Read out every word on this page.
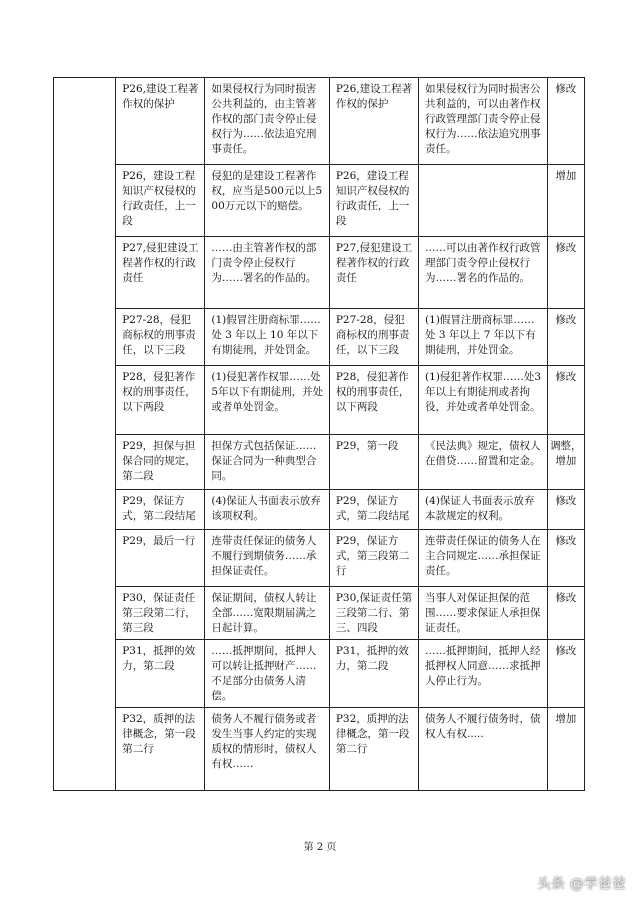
	P26,建设工程著作权的保护	如果侵权行为同时损害公共利益的，由主管著作权的部门责令停止侵权行为……依法追究刑事责任。	P26,建设工程著作权的保护	如果侵权行为同时损害公共利益的，可以由著作权行政管理部门责令停止侵权行为……依法追究刑事责任。	修改
	P26，建设工程知识产权侵权的行政责任，上一段	侵犯的是建设工程著作权，应当是500元以上500万元以下的赔偿。	P26，建设工程知识产权侵权的行政责任，上一段		增加
	P27,侵犯建设工程著作权的行政责任	……由主管著作权的部门责令停止侵权行为……署名的作品的。	P27,侵犯建设工程著作权的行政责任	……可以由著作权行政管理部门责令停止侵权行为……署名的作品的。	修改
	P27-28，侵犯商标权的刑事责任，以下三段	(1)假冒注册商标罪……处 3 年以上 10 年以下有期徒刑，并处罚金。	P27-28，侵犯商标权的刑事责任，以下三段	(1)假冒注册商标罪……处 3 年以上 7 年以下有期徒刑，并处罚金。	修改
	P28，侵犯著作权的刑事责任，以下两段	(1)侵犯著作权罪……处5年以下有期徒刑，并处或者单处罚金。	P28，侵犯著作权的刑事责任，以下两段	(1)侵犯著作权罪……处3年以上有期徒刑或者拘役，并处或者单处罚金。	修改
	P29，担保与担保合同的规定，第二段	担保方式包括保证……保证合同为一种典型合同。	P29，第一段	《民法典》规定，债权人在借贷……留置和定金。	调整，增加
	P29，保证方式，第二段结尾	(4)保证人书面表示放弃该项权利。	P29，保证方式，第二段结尾	(4)保证人书面表示放弃本款规定的权利。	修改
	P29，最后一行	连带责任保证的债务人不履行到期债务……承担保证责任。	P29，保证方式，第三段第二行	连带责任保证的债务人在主合同规定……承担保证责任。	修改
	P30，保证责任第三段第二行，第三段	保证期间，债权人转让全部……宽限期届满之日起计算。	P30,保证责任第三段第二行、第三、四段	当事人对保证担保的范围……要求保证人承担保证责任。	修改
	P31，抵押的效力，第二段	……抵押期间，抵押人可以转让抵押财产……不足部分由债务人清偿。	P31，抵押的效力，第二段	……抵押期间，抵押人经抵押权人同意……求抵押人停止行为。	修改
	P32，质押的法律概念，第一段第二行	债务人不履行债务或者发生当事人约定的实现质权的情形时，债权人有权……	P32，质押的法律概念，第一段第二行	债务人不履行债务时，债权人有权.....	增加
第 2 页
头条 @学爸爸
